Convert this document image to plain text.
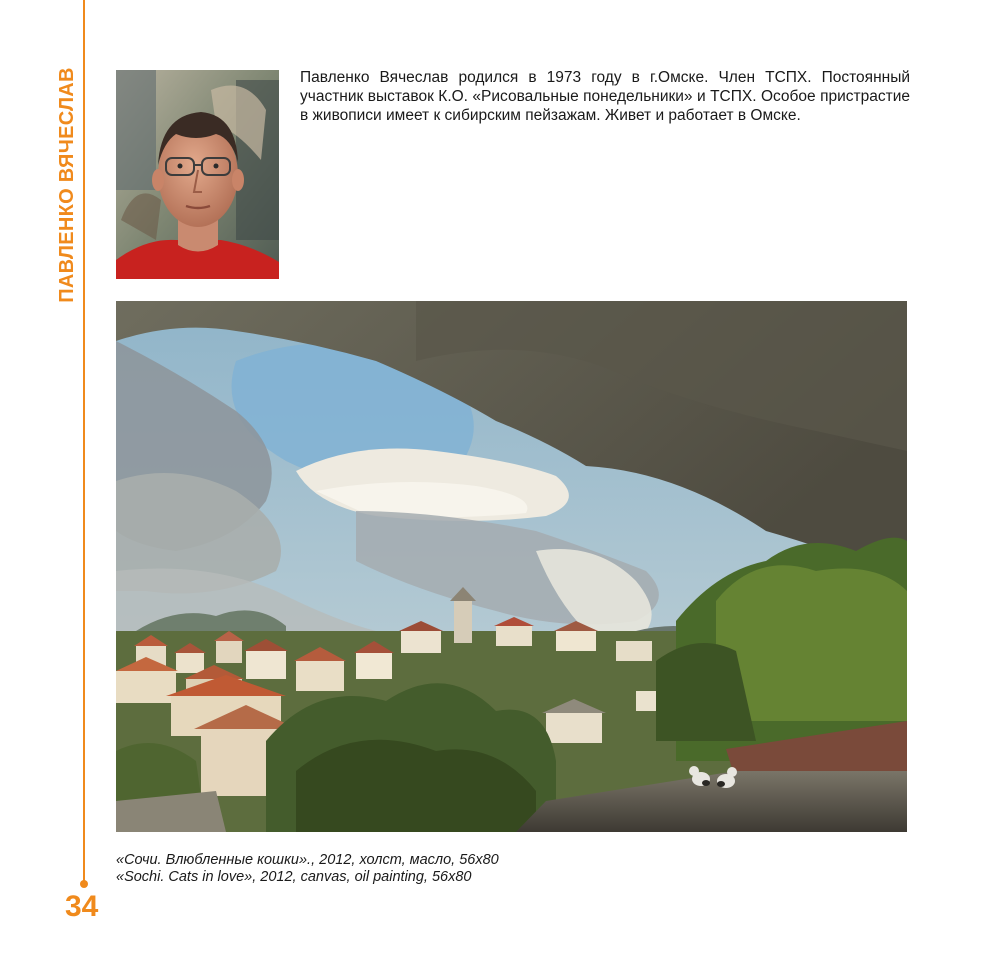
ПАВЛЕНКО ВЯЧЕСЛАВ
34

Павленко Вячеслав родился в 1973 году в г.Омске. Член ТСПХ. Постоянный участник выставок К.О. «Рисовальные понедельники» и ТСПХ. Особое пристрастие в живописи имеет к сибирским пейзажам. Живет и работает в Омске.

«Сочи. Влюбленные кошки»., 2012, холст, масло, 56х80
«Sochi. Cats in love», 2012, canvas, oil painting, 56x80
